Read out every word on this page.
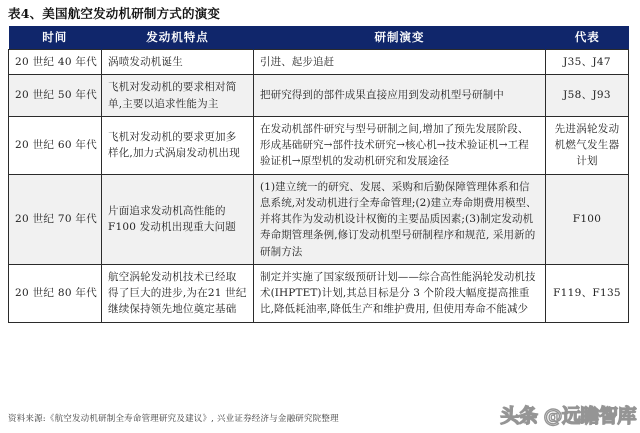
表4、美国航空发动机研制方式的演变
时间	发动机特点	研制演变	代表
20 世纪 40 年代	涡喷发动机诞生	引进、起步追赶	J35、J47
20 世纪 50 年代	飞机对发动机的要求相对简单,主要以追求性能为主	把研究得到的部件成果直接应用到发动机型号研制中	J58、J93
20 世纪 60 年代	飞机对发动机的要求更加多样化,加力式涡扇发动机出现	在发动机部件研究与型号研制之间,增加了预先发展阶段、形成基础研究→部件技术研究→核心机→技术验证机→工程验证机→原型机的发动机研究和发展途径	先进涡轮发动机燃气发生器计划
20 世纪 70 年代	片面追求发动机高性能的F100 发动机出现重大问题	(1)建立统一的研究、发展、采购和后勤保障管理体系和信息系统,对发动机进行全寿命管理;(2)建立寿命期费用模型、并将其作为发动机设计权衡的主要品质因素;(3)制定发动机寿命期管理条例,修订发动机型号研制程序和规范, 采用新的研制方法	F100
20 世纪 80 年代	航空涡轮发动机技术已经取得了巨大的进步,为在21 世纪继续保持领先地位奠定基础	制定并实施了国家级预研计划——综合高性能涡轮发动机技术(IHPTET)计划,其总目标是分 3 个阶段大幅度提高推重比,降低耗油率,降低生产和维护费用, 但使用寿命不能减少	F119、F135
资料来源:《航空发动机研制全寿命管理研究及建议》, 兴业证券经济与金融研究院整理	头条 @远瞻智库
